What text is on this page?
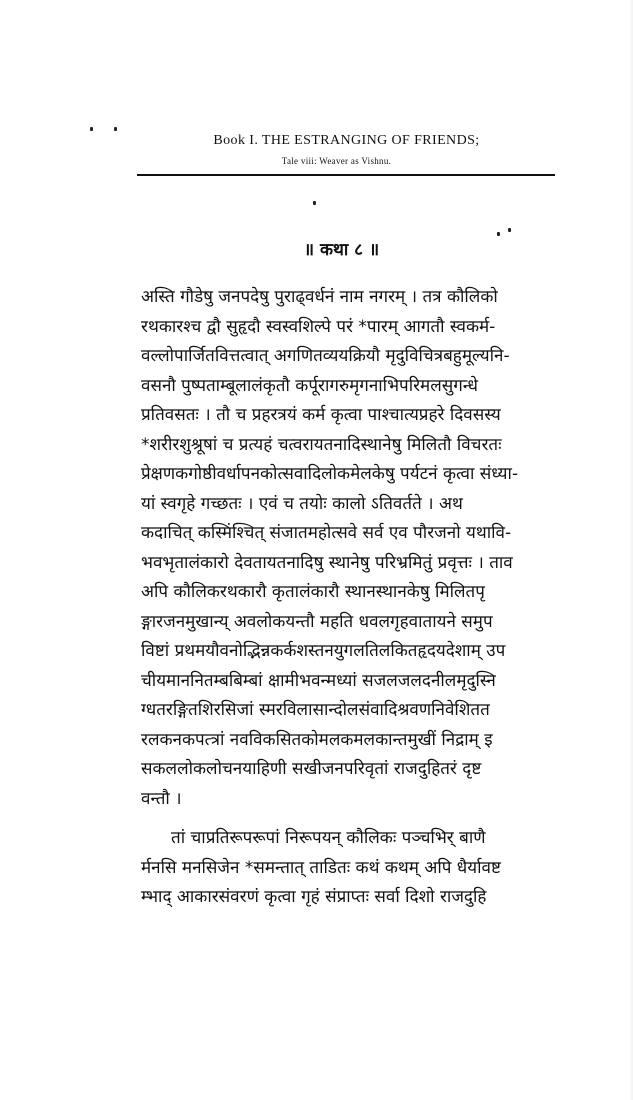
Book I. THE ESTRANGING OF FRIENDS;
Tale viii: Weaver as Vishnu.
॥ कथा ८ ॥
अस्ति गौडेषु जनपदेषु पुराढ्वर्धनं नाम नगरम् । तत्र कौलिको
रथकारश्च द्वौ सुहृदौ स्वस्वशिल्पे परं *पारम् आगतौ स्वकर्म-
वल्लोपार्जितवित्तत्वात् अगणितव्ययक्रियौ मृदुविचित्रबहुमूल्यनि-
वसनौ पुष्पताम्बूलालंकृतौ कर्पूरागरुमृगनाभिपरिमलसुगन्धे
प्रतिवसतः । तौ च प्रहरत्रयं कर्म कृत्वा पाश्चात्यप्रहरे दिवसस्य
*शरीरशुश्रूषां च प्रत्यहं चत्वरायतनादिस्थानेषु मिलितौ विचरतः
प्रेक्षणकगोष्ठीवर्धापनकोत्सवादिलोकमेलकेषु पर्यटनं कृत्वा संध्या-
यां स्वगृहे गच्छतः । एवं च तयोः कालो ऽतिवर्तते । अथ
कदाचित् कस्मिंश्चित् संजातमहोत्सवे सर्व एव पौरजनो यथावि-
भवभृतालंकारो देवतायतनादिषु स्थानेषु परिभ्रमितुं प्रवृत्तः । ताव
अपि कौलिकरथकारौ कृतालंकारौ स्थानस्थानकेषु मिलितपृ
ङ्गारजनमुखान्य् अवलोकयन्तौ महति धवलगृहवातायने समुप
विष्टां प्रथमयौवनोद्भिन्नकर्कशस्तनयुगलतिलकितहृदयदेशाम् उप
चीयमाननितम्बबिम्बां क्षामीभवन्मध्यां सजलजलदनीलमृदुस्नि
ग्धतरङ्गितशिरसिजां स्मरविलासान्दोलसंवादिश्रवणनिवेशितत
रलकनकपत्त्रां नवविकसितकोमलकमलकान्तमुखीं निद्राम् इ
सकललोकलोचनयाहिणी सखीजनपरिवृतां राजदुहितरं दृष्ट
वन्तौ ।
तां चाप्रतिरूपरूपां निरूपयन् कौलिकः पञ्चभिर् बाणै
र्मनसि मनसिजेन *समन्तात् ताडितः कथं कथम् अपि धैर्यावष्ट
म्भाद् आकारसंवरणं कृत्वा गृहं संप्राप्तः सर्वा दिशो राजदुहि
